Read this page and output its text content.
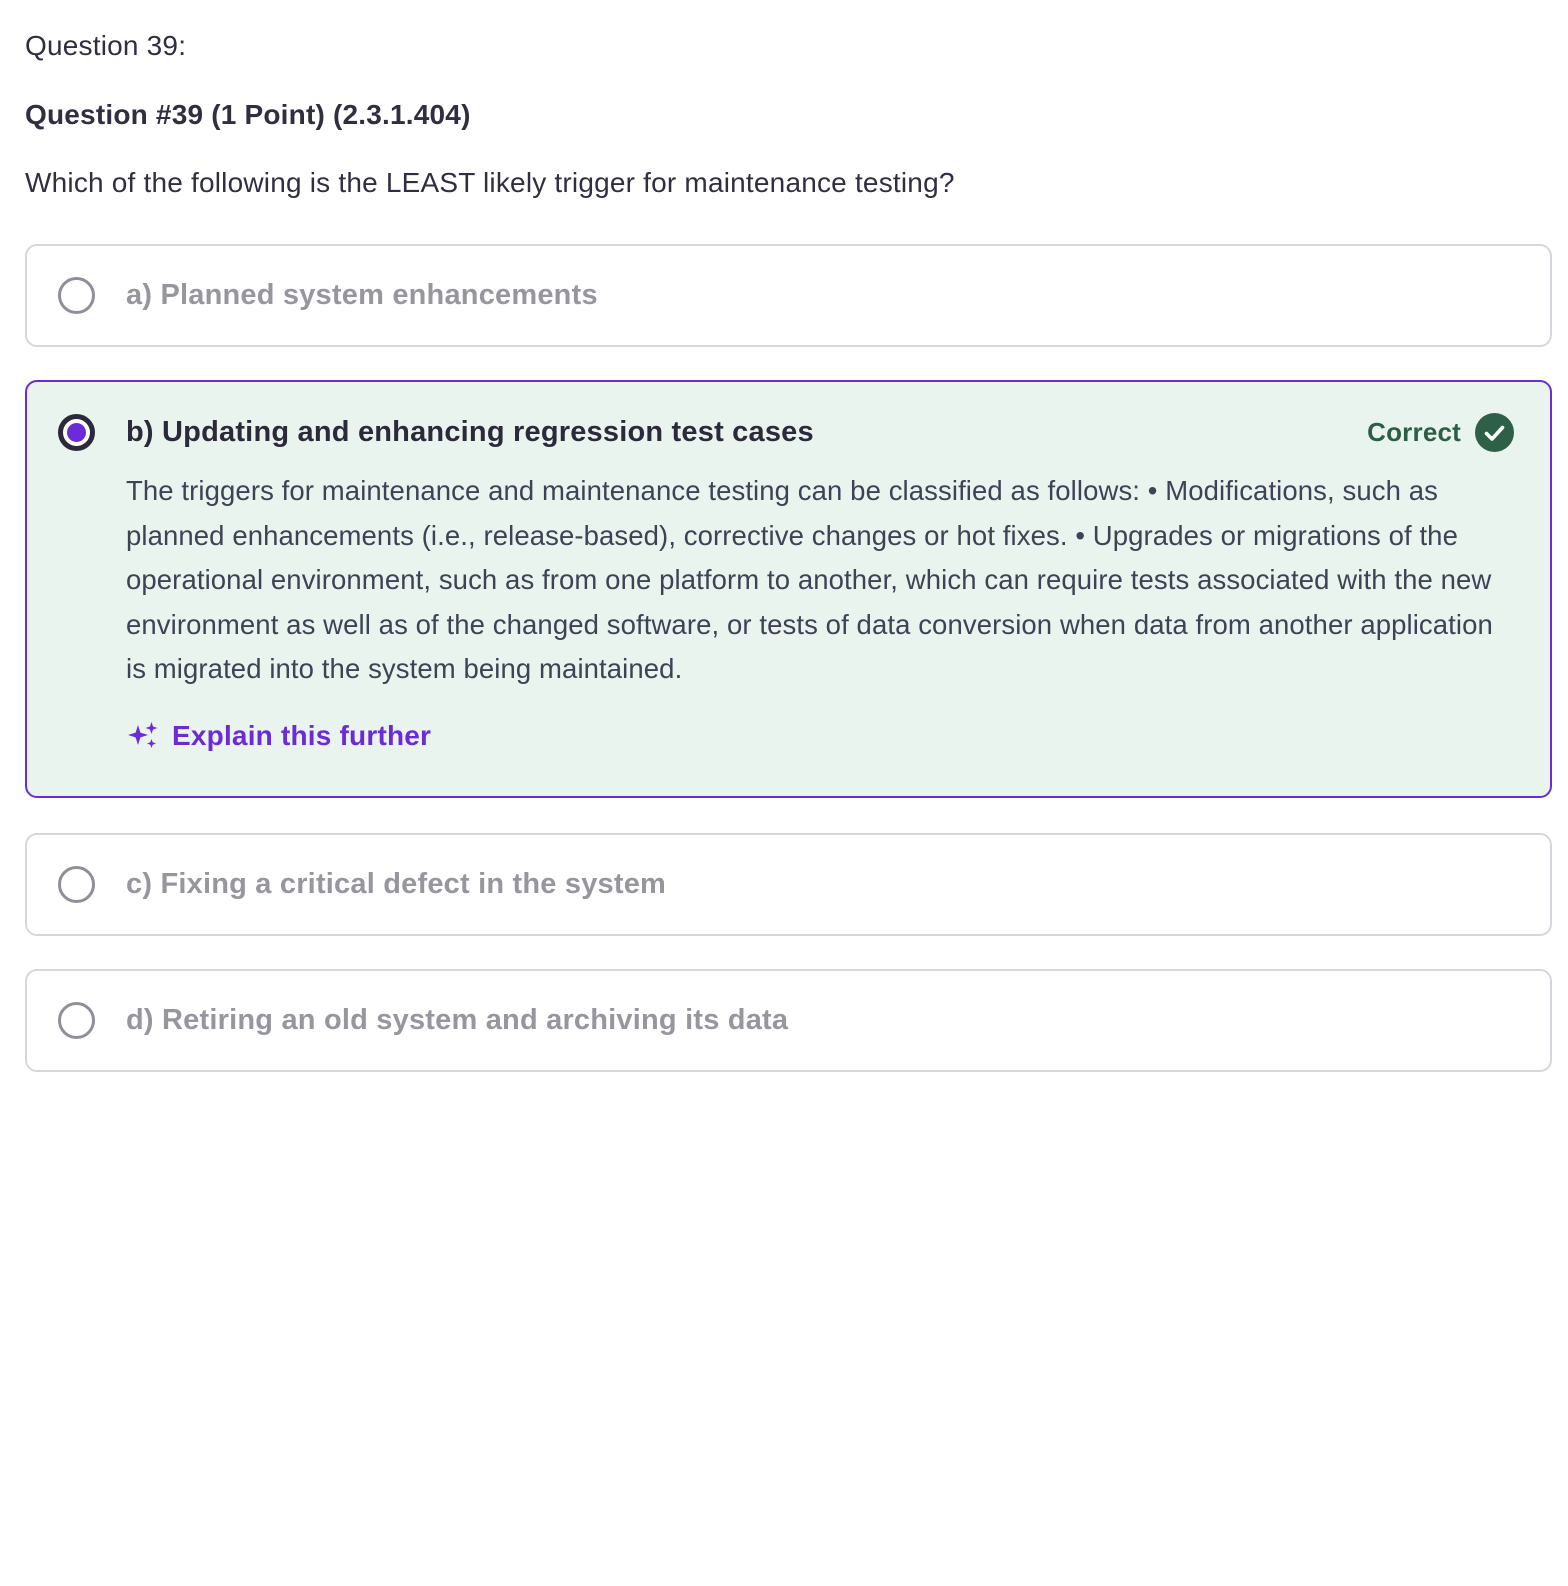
Question 39:
Question #39 (1 Point) (2.3.1.404)
Which of the following is the LEAST likely trigger for maintenance testing?
a) Planned system enhancements
b) Updating and enhancing regression test cases	Correct
The triggers for maintenance and maintenance testing can be classified as follows: • Modifications, such as planned enhancements (i.e., release-based), corrective changes or hot fixes. • Upgrades or migrations of the operational environment, such as from one platform to another, which can require tests associated with the new environment as well as of the changed software, or tests of data conversion when data from another application is migrated into the system being maintained.
Explain this further
c) Fixing a critical defect in the system
d) Retiring an old system and archiving its data
